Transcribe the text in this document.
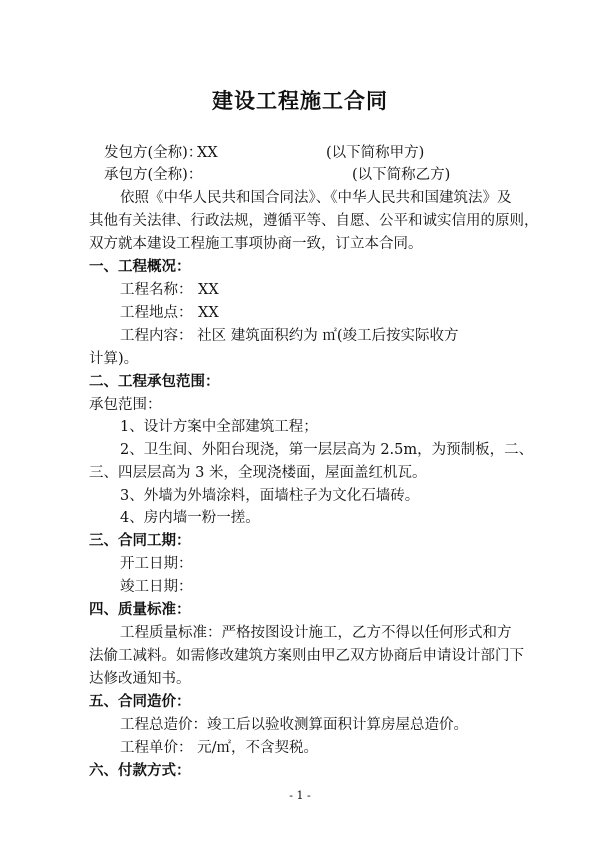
建设工程施工合同
发包方(全称)：
XX	(以下简称甲方)
承包方(全称)：	(以下简称乙方)
依照《中华人民共和国合同法》、《中华人民共和国建筑法》及
其他有关法律、行政法规，遵循平等、自愿、公平和诚实信用的原则，
双方就本建设工程施工事项协商一致，订立本合同。
一、工程概况：
工程名称： XX
工程地点： XX
工程内容： 社区 建筑面积约为 ㎡(竣工后按实际收方
计算)。
二、工程承包范围：
承包范围：
1、设计方案中全部建筑工程；
2、卫生间、外阳台现浇，第一层层高为 2.5m，为预制板，二、
三、四层层高为 3 米，全现浇楼面，屋面盖红机瓦。
3、外墙为外墙涂料，面墙柱子为文化石墙砖。
4、房内墙一粉一搓。
三、合同工期：
开工日期：
竣工日期：
四、质量标准：
工程质量标准：严格按图设计施工，乙方不得以任何形式和方
法偷工减料。如需修改建筑方案则由甲乙双方协商后申请设计部门下
达修改通知书。
五、合同造价：
工程总造价：竣工后以验收测算面积计算房屋总造价。
工程单价： 元/㎡，不含契税。
六、付款方式：
- 1 -
